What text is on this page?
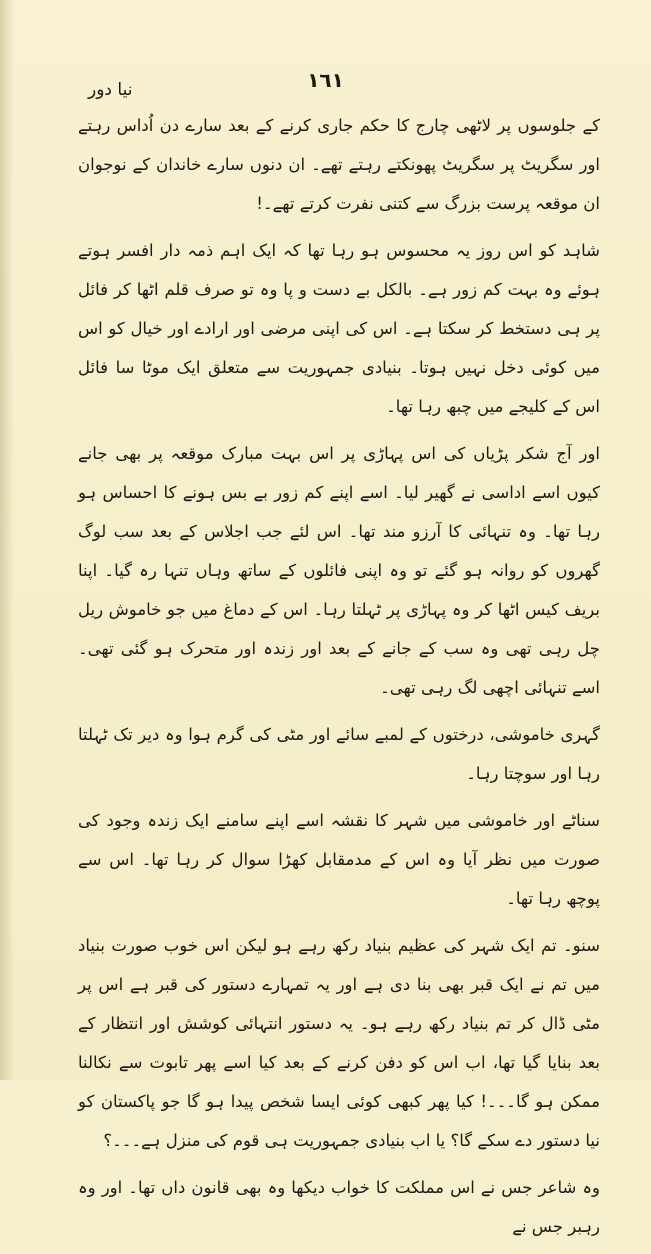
١٦١
نیا دور

کے جلوسوں پر لاٹھی چارج کا حکم جاری کرنے کے بعد سارے دن اُداس رہتے اور سگریٹ پر سگریٹ پھونکتے رہتے تھے۔ ان دنوں سارے خاندان کے نوجوان ان موقعہ پرست بزرگ سے کتنی نفرت کرتے تھے۔!

شاہد کو اس روز یہ محسوس ہو رہا تھا کہ ایک اہم ذمہ دار افسر ہوتے ہوئے وہ بہت کم زور ہے۔ بالکل بے دست و پا وہ تو صرف قلم اٹھا کر فائل پر ہی دستخط کر سکتا ہے۔ اس کی اپنی مرضی اور ارادے اور خیال کو اس میں کوئی دخل نہیں ہوتا۔ بنیادی جمہوریت سے متعلق ایک موٹا سا فائل اس کے کلیجے میں چبھ رہا تھا۔

اور آج شکر پڑیاں کی اس پہاڑی پر اس بہت مبارک موقعہ پر بھی جانے کیوں اسے اداسی نے گھیر لیا۔ اسے اپنے کم زور بے بس ہونے کا احساس ہو رہا تھا۔ وہ تنہائی کا آرزو مند تھا۔ اس لئے جب اجلاس کے بعد سب لوگ گھروں کو روانہ ہو گئے تو وہ اپنی فائلوں کے ساتھ وہاں تنہا رہ گیا۔ اپنا بریف کیس اٹھا کر وہ پہاڑی پر ٹہلتا رہا۔ اس کے دماغ میں جو خاموش ریل چل رہی تھی وہ سب کے جانے کے بعد اور زندہ اور متحرک ہو گئی تھی۔ اسے تنہائی اچھی لگ رہی تھی۔

گہری خاموشی، درختوں کے لمبے سائے اور مٹی کی گرم ہوا وہ دیر تک ٹہلتا رہا اور سوچتا رہا۔

سناٹے اور خاموشی میں شہر کا نقشہ اسے اپنے سامنے ایک زندہ وجود کی صورت میں نظر آیا وہ اس کے مدمقابل کھڑا سوال کر رہا تھا۔ اس سے پوچھ رہا تھا۔

سنو۔ تم ایک شہر کی عظیم بنیاد رکھ رہے ہو لیکن اس خوب صورت بنیاد میں تم نے ایک قبر بھی بنا دی ہے اور یہ تمہارے دستور کی قبر ہے اس پر مٹی ڈال کر تم بنیاد رکھ رہے ہو۔ یہ دستور انتہائی کوشش اور انتظار کے بعد بنایا گیا تھا، اب اس کو دفن کرنے کے بعد کیا اسے پھر تابوت سے نکالنا ممکن ہو گا۔۔۔! کیا پھر کبھی کوئی ایسا شخص پیدا ہو گا جو پاکستان کو نیا دستور دے سکے گا؟ یا اب بنیادی جمہوریت ہی قوم کی منزل ہے۔۔۔؟

وہ شاعر جس نے اس مملکت کا خواب دیکھا وہ بھی قانون داں تھا۔ اور وہ رہبر جس نے
